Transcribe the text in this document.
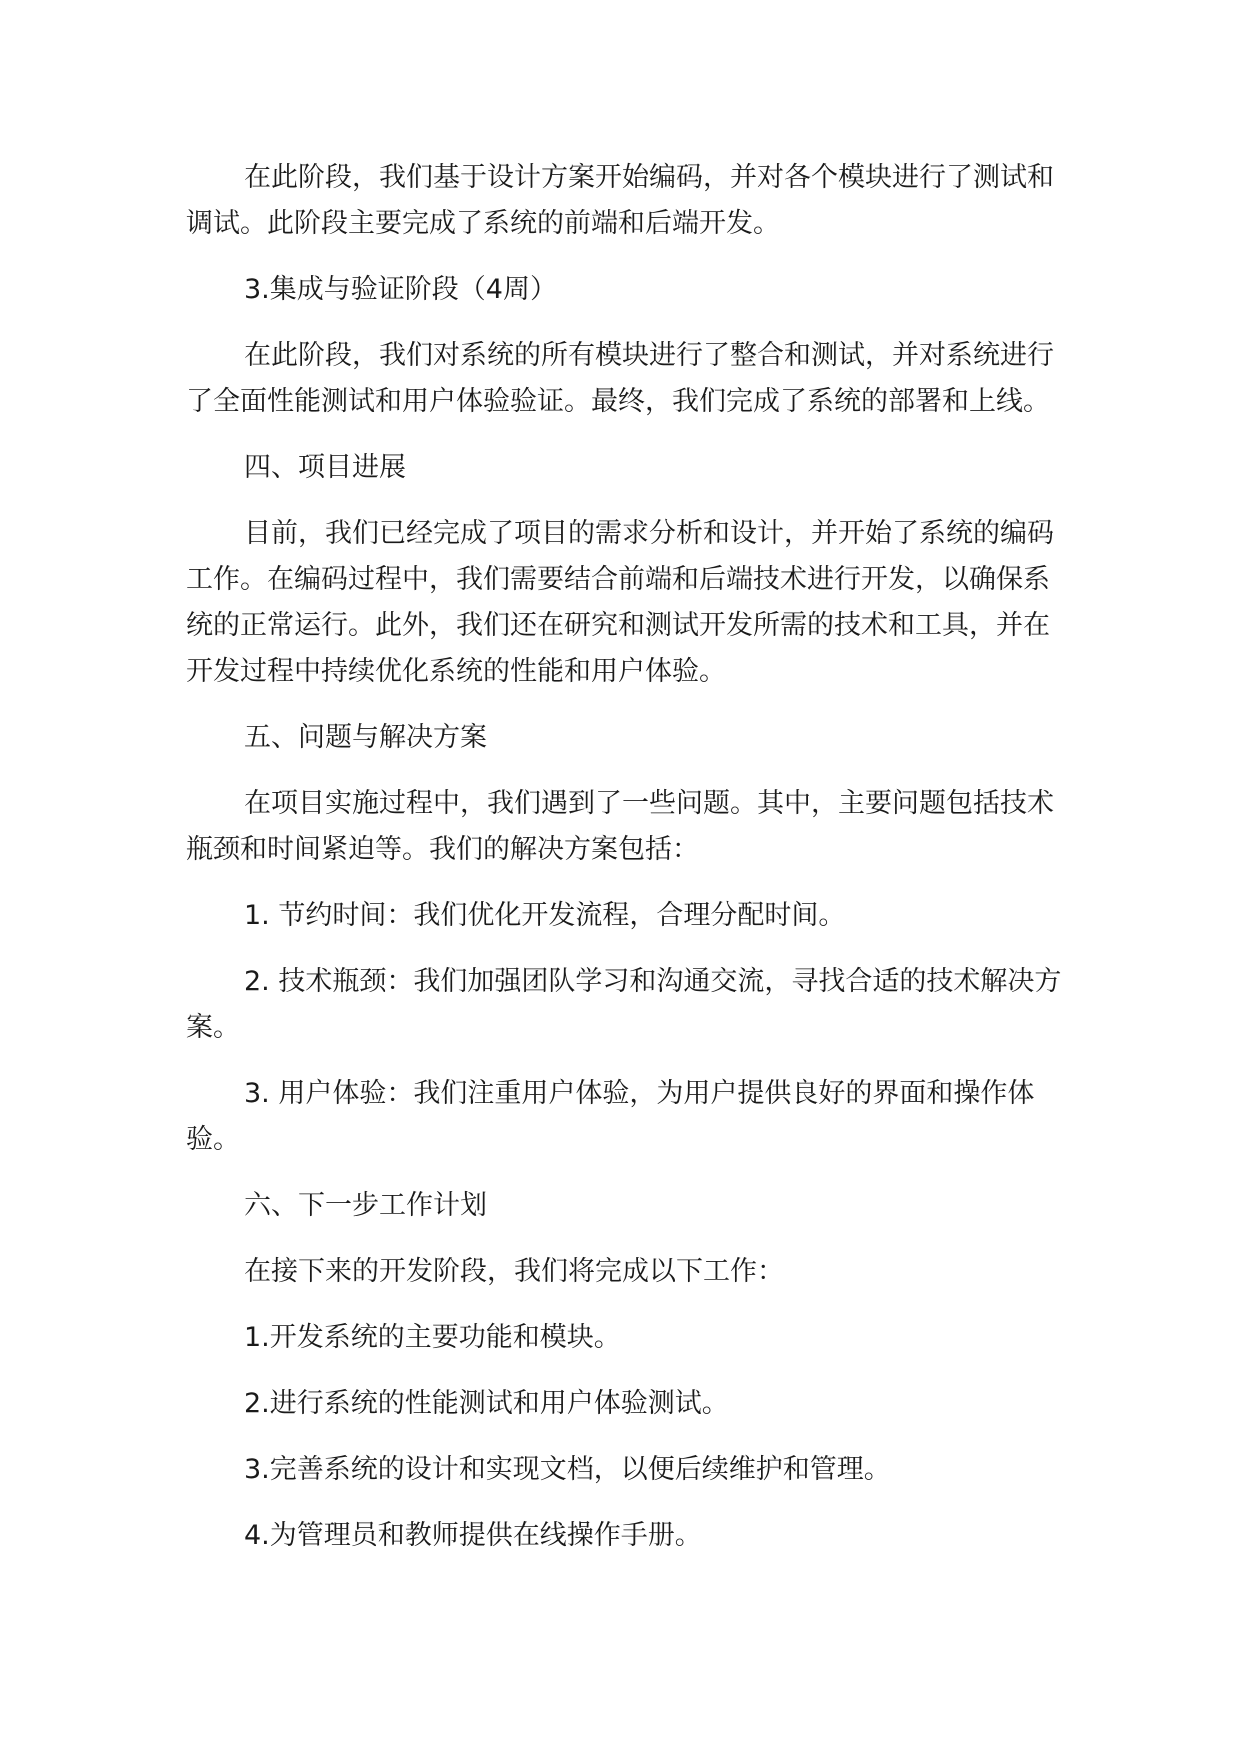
在此阶段，我们基于设计方案开始编码，并对各个模块进行了测试和调试。此阶段主要完成了系统的前端和后端开发。

3.集成与验证阶段（4周）

在此阶段，我们对系统的所有模块进行了整合和测试，并对系统进行了全面性能测试和用户体验验证。最终，我们完成了系统的部署和上线。

四、项目进展

目前，我们已经完成了项目的需求分析和设计，并开始了系统的编码工作。在编码过程中，我们需要结合前端和后端技术进行开发，以确保系统的正常运行。此外，我们还在研究和测试开发所需的技术和工具，并在开发过程中持续优化系统的性能和用户体验。

五、问题与解决方案

在项目实施过程中，我们遇到了一些问题。其中，主要问题包括技术瓶颈和时间紧迫等。我们的解决方案包括：

1. 节约时间：我们优化开发流程，合理分配时间。

2. 技术瓶颈：我们加强团队学习和沟通交流，寻找合适的技术解决方案。

3. 用户体验：我们注重用户体验，为用户提供良好的界面和操作体验。

六、下一步工作计划

在接下来的开发阶段，我们将完成以下工作：

1.开发系统的主要功能和模块。

2.进行系统的性能测试和用户体验测试。

3.完善系统的设计和实现文档，以便后续维护和管理。

4.为管理员和教师提供在线操作手册。
